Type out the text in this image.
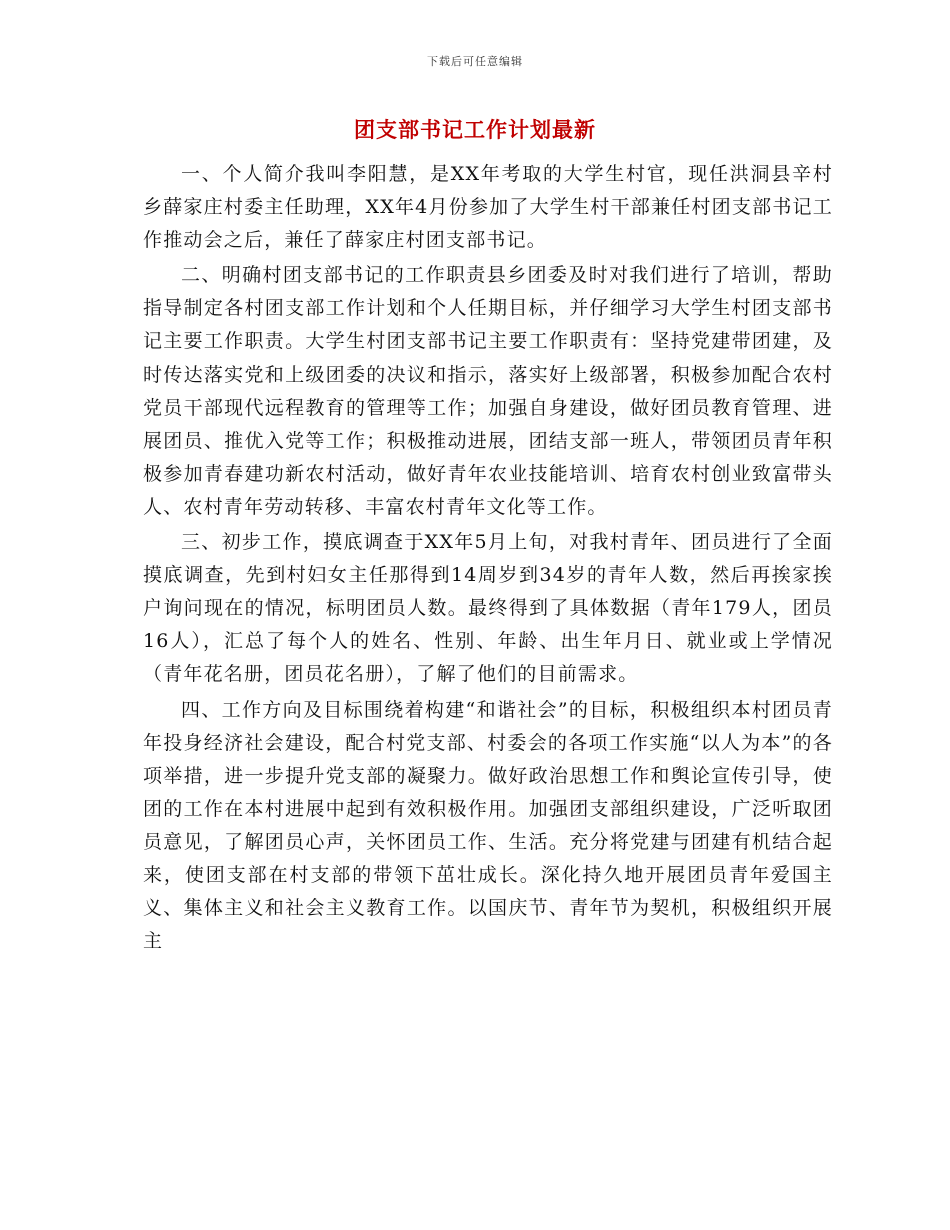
下载后可任意编辑
团支部书记工作计划最新

一、个人简介我叫李阳慧，是XX年考取的大学生村官，现任洪洞县辛村乡薛家庄村委主任助理，XX年4月份参加了大学生村干部兼任村团支部书记工作推动会之后，兼任了薛家庄村团支部书记。

二、明确村团支部书记的工作职责县乡团委及时对我们进行了培训，帮助指导制定各村团支部工作计划和个人任期目标，并仔细学习大学生村团支部书记主要工作职责。大学生村团支部书记主要工作职责有：坚持党建带团建，及时传达落实党和上级团委的决议和指示，落实好上级部署，积极参加配合农村党员干部现代远程教育的管理等工作；加强自身建设，做好团员教育管理、进展团员、推优入党等工作；积极推动进展，团结支部一班人，带领团员青年积极参加青春建功新农村活动，做好青年农业技能培训、培育农村创业致富带头人、农村青年劳动转移、丰富农村青年文化等工作。

三、初步工作，摸底调查于XX年5月上旬，对我村青年、团员进行了全面摸底调查，先到村妇女主任那得到14周岁到34岁的青年人数，然后再挨家挨户询问现在的情况，标明团员人数。最终得到了具体数据（青年179人，团员16人），汇总了每个人的姓名、性别、年龄、出生年月日、就业或上学情况（青年花名册，团员花名册），了解了他们的目前需求。

四、工作方向及目标围绕着构建“和谐社会”的目标，积极组织本村团员青年投身经济社会建设，配合村党支部、村委会的各项工作实施“以人为本”的各项举措，进一步提升党支部的凝聚力。做好政治思想工作和舆论宣传引导，使团的工作在本村进展中起到有效积极作用。加强团支部组织建设，广泛听取团员意见，了解团员心声，关怀团员工作、生活。充分将党建与团建有机结合起来，使团支部在村支部的带领下茁壮成长。深化持久地开展团员青年爱国主义、集体主义和社会主义教育工作。以国庆节、青年节为契机，积极组织开展主
